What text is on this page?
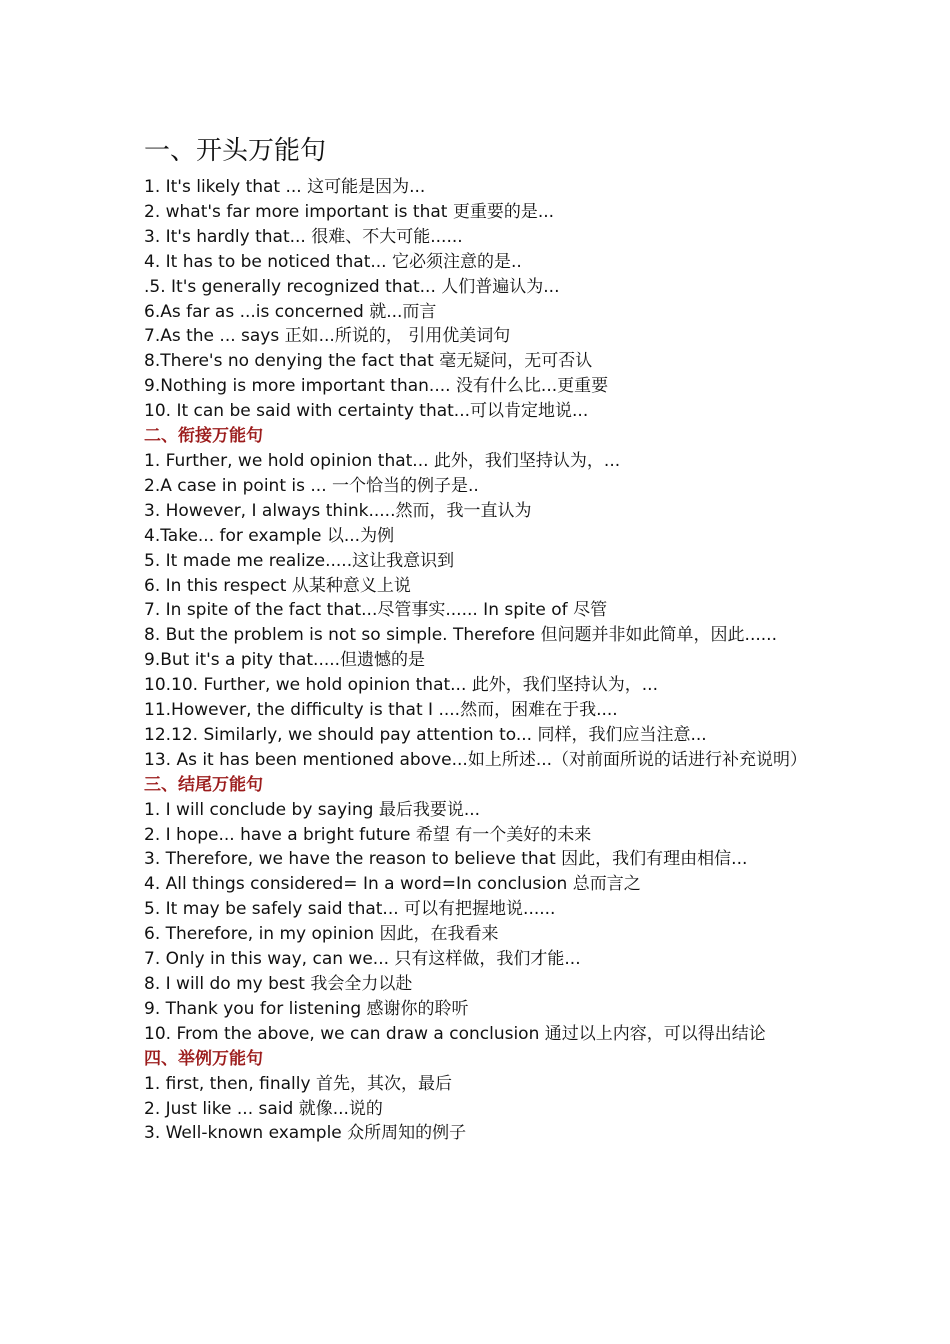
一、开头万能句
1. It's likely that ... 这可能是因为...
2. what's far more important is that 更重要的是...
3. It's hardly that... 很难、不大可能......
4. It has to be noticed that... 它必须注意的是..
.5. It's generally recognized that... 人们普遍认为...
6.As far as ...is concerned 就...而言
7.As the ... says 正如...所说的， 引用优美词句
8.There's no denying the fact that 毫无疑问，无可否认
9.Nothing is more important than.... 没有什么比...更重要
10. It can be said with certainty that...可以肯定地说...
二、衔接万能句
1. Further, we hold opinion that... 此外，我们坚持认为，...
2.A case in point is ... 一个恰当的例子是..
3. However, I always think.....然而，我一直认为
4.Take... for example 以...为例
5. It made me realize.....这让我意识到
6. In this respect 从某种意义上说
7. In spite of the fact that...尽管事实...... In spite of 尽管
8. But the problem is not so simple. Therefore 但问题并非如此简单，因此......
9.But it's a pity that.....但遗憾的是
10.10. Further, we hold opinion that... 此外，我们坚持认为，...
11.However, the difficulty is that I ....然而，困难在于我....
12.12. Similarly, we should pay attention to... 同样，我们应当注意...
13. As it has been mentioned above...如上所述...（对前面所说的话进行补充说明）
三、结尾万能句
1. I will conclude by saying 最后我要说...
2. I hope... have a bright future 希望 有一个美好的未来
3. Therefore, we have the reason to believe that 因此，我们有理由相信...
4. All things considered= In a word=In conclusion 总而言之
5. It may be safely said that... 可以有把握地说......
6. Therefore, in my opinion 因此，在我看来
7. Only in this way, can we... 只有这样做，我们才能...
8. I will do my best 我会全力以赴
9. Thank you for listening 感谢你的聆听
10. From the above, we can draw a conclusion 通过以上内容，可以得出结论
四、举例万能句
1. first, then, finally 首先，其次，最后
2. Just like ... said 就像...说的
3. Well-known example 众所周知的例子
